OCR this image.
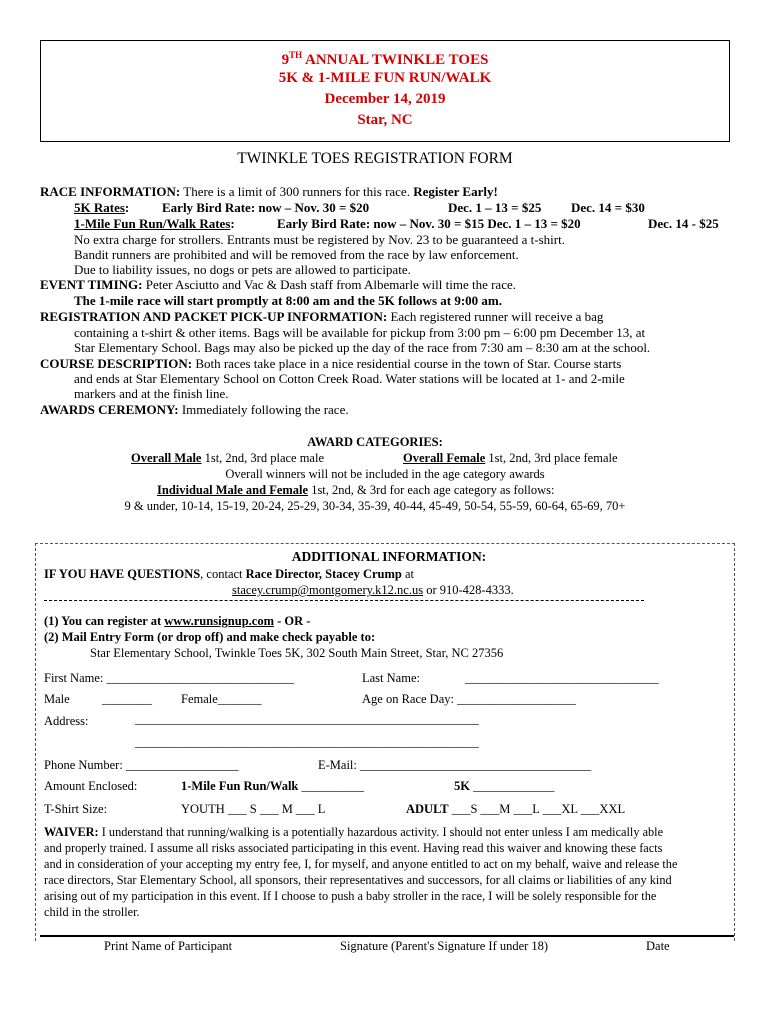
9TH ANNUAL TWINKLE TOES
5K & 1-MILE FUN RUN/WALK
December 14, 2019
Star, NC
TWINKLE TOES REGISTRATION FORM
RACE INFORMATION: There is a limit of 300 runners for this race. Register Early!
5K Rates:	Early Bird Rate: now – Nov. 30 = $20	Dec. 1 – 13 = $25 Dec. 14 = $30
1-Mile Fun Run/Walk Rates:	Early Bird Rate: now – Nov. 30 = $15 Dec. 1 – 13 = $20	Dec. 14 - $25
No extra charge for strollers. Entrants must be registered by Nov. 23 to be guaranteed a t-shirt.
Bandit runners are prohibited and will be removed from the race by law enforcement.
Due to liability issues, no dogs or pets are allowed to participate.
EVENT TIMING: Peter Asciutto and Vac & Dash staff from Albemarle will time the race.
The 1-mile race will start promptly at 8:00 am and the 5K follows at 9:00 am.
REGISTRATION AND PACKET PICK-UP INFORMATION: Each registered runner will receive a bag
containing a t-shirt & other items. Bags will be available for pickup from 3:00 pm – 6:00 pm December 13, at
Star Elementary School. Bags may also be picked up the day of the race from 7:30 am – 8:30 am at the school.
COURSE DESCRIPTION: Both races take place in a nice residential course in the town of Star. Course starts
and ends at Star Elementary School on Cotton Creek Road. Water stations will be located at 1- and 2-mile
markers and at the finish line.
AWARDS CEREMONY: Immediately following the race.
AWARD CATEGORIES:
Overall Male 1st, 2nd, 3rd place male	Overall Female 1st, 2nd, 3rd place female
Overall winners will not be included in the age category awards
Individual Male and Female 1st, 2nd, & 3rd for each age category as follows:
9 & under, 10-14, 15-19, 20-24, 25-29, 30-34, 35-39, 40-44, 45-49, 50-54, 55-59, 60-64, 65-69, 70+
ADDITIONAL INFORMATION:
IF YOU HAVE QUESTIONS, contact Race Director, Stacey Crump at
stacey.crump@montgomery.k12.nc.us or 910-428-4333.
(1) You can register at www.runsignup.com - OR -
(2) Mail Entry Form (or drop off) and make check payable to:
Star Elementary School, Twinkle Toes 5K, 302 South Main Street, Star, NC 27356
First Name: ______________________________	Last Name:	_______________________________
Male	________ Female_______	Age on Race Day: ___________________
Address:	_______________________________________________________
_______________________________________________________
Phone Number: __________________	E-Mail: _____________________________________
Amount Enclosed:	1-Mile Fun Run/Walk __________	5K _____________
T-Shirt Size:	YOUTH ___ S ___ M ___ L	ADULT ___S ___M ___L ___XL ___XXL
WAIVER: I understand that running/walking is a potentially hazardous activity. I should not enter unless I am medically able
and properly trained. I assume all risks associated participating in this event. Having read this waiver and knowing these facts
and in consideration of your accepting my entry fee, I, for myself, and anyone entitled to act on my behalf, waive and release the
race directors, Star Elementary School, all sponsors, their representatives and successors, for all claims or liabilities of any kind
arising out of my participation in this event. If I choose to push a baby stroller in the race, I will be solely responsible for the
child in the stroller.
Print Name of Participant	Signature (Parent's Signature If under 18)	Date
